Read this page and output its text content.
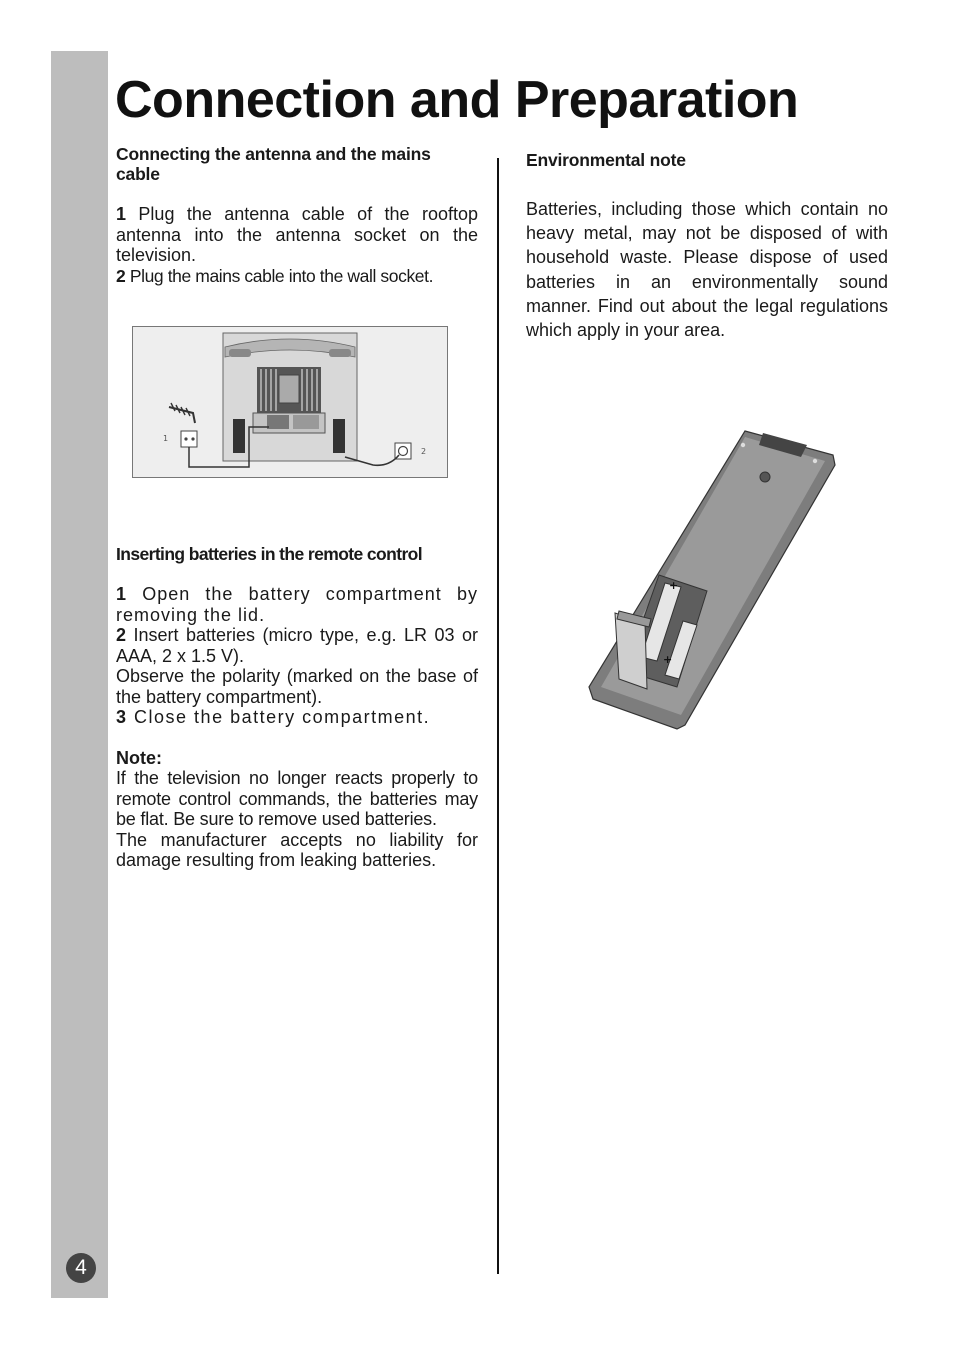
4
Connection and Preparation

Connecting the antenna and the mains cable

1 Plug the antenna cable of the rooftop antenna into the antenna socket on the television.

2 Plug the mains cable into the wall socket.

1
2

Inserting batteries in the remote control

1 Open the battery compartment by removing the lid.

2 Insert batteries (micro type, e.g. LR 03 or AAA, 2 x 1.5 V).

Observe the polarity (marked on the base of the battery compartment).

3 Close the battery compartment.

Note:

If the television no longer reacts properly to remote control commands, the batteries may be flat. Be sure to remove used batteries.

The manufacturer accepts no liability for damage resulting from leaking batteries.

Environmental note

Batteries, including those which contain no heavy metal, may not be disposed of with household waste. Please dispose of used batteries in an environmentally sound manner. Find out about the legal regulations which apply in your area.

+
+
